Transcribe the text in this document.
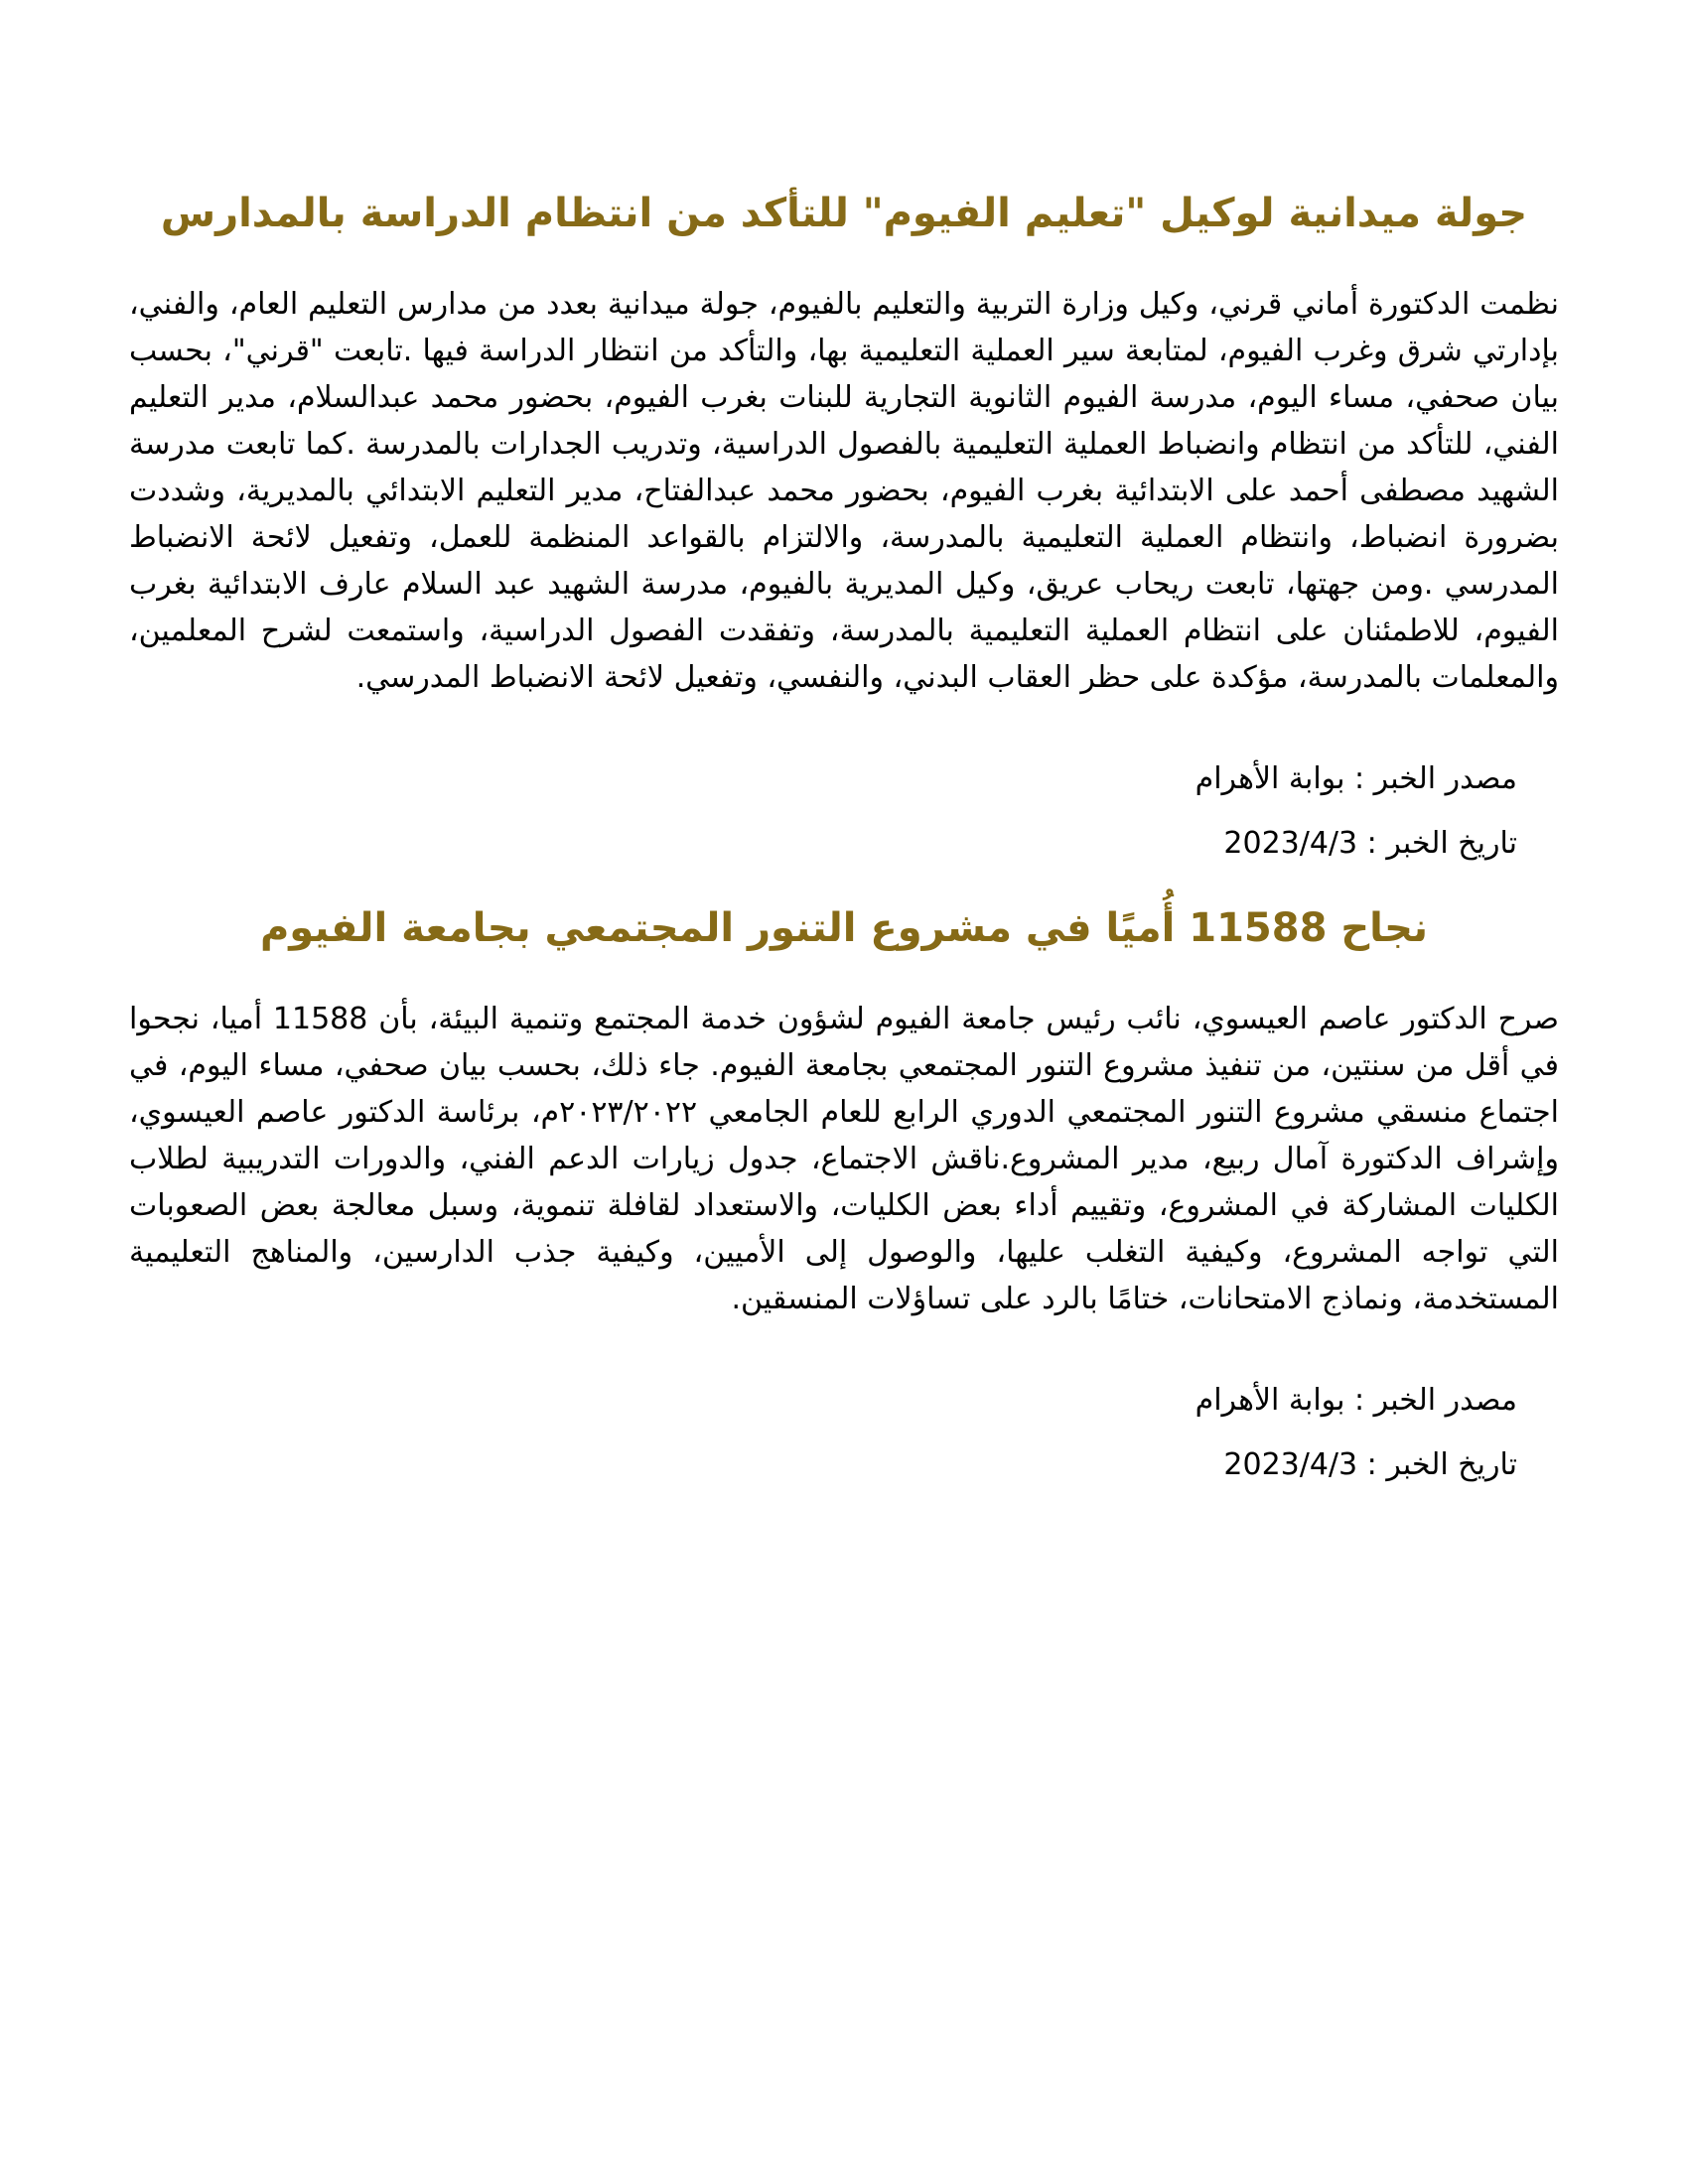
جولة ميدانية لوكيل "تعليم الفيوم" للتأكد من انتظام الدراسة بالمدارس

نظمت الدكتورة أماني قرني، وكيل وزارة التربية والتعليم بالفيوم، جولة ميدانية بعدد من مدارس التعليم العام، والفني، بإدارتي شرق وغرب الفيوم، لمتابعة سير العملية التعليمية بها، والتأكد من انتظار الدراسة فيها .تابعت "قرني"، بحسب بيان صحفي، مساء اليوم، مدرسة الفيوم الثانوية التجارية للبنات بغرب الفيوم، بحضور محمد عبدالسلام، مدير التعليم الفني، للتأكد من انتظام وانضباط العملية التعليمية بالفصول الدراسية، وتدريب الجدارات بالمدرسة .كما تابعت مدرسة الشهيد مصطفى أحمد على الابتدائية بغرب الفيوم، بحضور محمد عبدالفتاح، مدير التعليم الابتدائي بالمديرية، وشددت بضرورة انضباط، وانتظام العملية التعليمية بالمدرسة، والالتزام بالقواعد المنظمة للعمل، وتفعيل لائحة الانضباط المدرسي .ومن جهتها، تابعت ريحاب عريق، وكيل المديرية بالفيوم، مدرسة الشهيد عبد السلام عارف الابتدائية بغرب الفيوم، للاطمئنان على انتظام العملية التعليمية بالمدرسة، وتفقدت الفصول الدراسية، واستمعت لشرح المعلمين، والمعلمات بالمدرسة، مؤكدة على حظر العقاب البدني، والنفسي، وتفعيل لائحة الانضباط المدرسي.

مصدر الخبر : بوابة الأهرام

تاريخ الخبر : 2023/4/3

نجاح 11588 أُميًا في مشروع التنور المجتمعي بجامعة الفيوم

صرح الدكتور عاصم العيسوي، نائب رئيس جامعة الفيوم لشؤون خدمة المجتمع وتنمية البيئة، بأن 11588 أميا، نجحوا في أقل من سنتين، من تنفيذ مشروع التنور المجتمعي بجامعة الفيوم. جاء ذلك، بحسب بيان صحفي، مساء اليوم، في اجتماع منسقي مشروع التنور المجتمعي الدوري الرابع للعام الجامعي ٢٠٢٣/٢٠٢٢م، برئاسة الدكتور عاصم العيسوي، وإشراف الدكتورة آمال ربيع، مدير المشروع.ناقش الاجتماع، جدول زيارات الدعم الفني، والدورات التدريبية لطلاب الكليات المشاركة في المشروع، وتقييم أداء بعض الكليات، والاستعداد لقافلة تنموية، وسبل معالجة بعض الصعوبات التي تواجه المشروع، وكيفية التغلب عليها، والوصول إلى الأميين، وكيفية جذب الدارسين، والمناهج التعليمية المستخدمة، ونماذج الامتحانات، ختامًا بالرد على تساؤلات المنسقين.

مصدر الخبر : بوابة الأهرام

تاريخ الخبر : 2023/4/3
